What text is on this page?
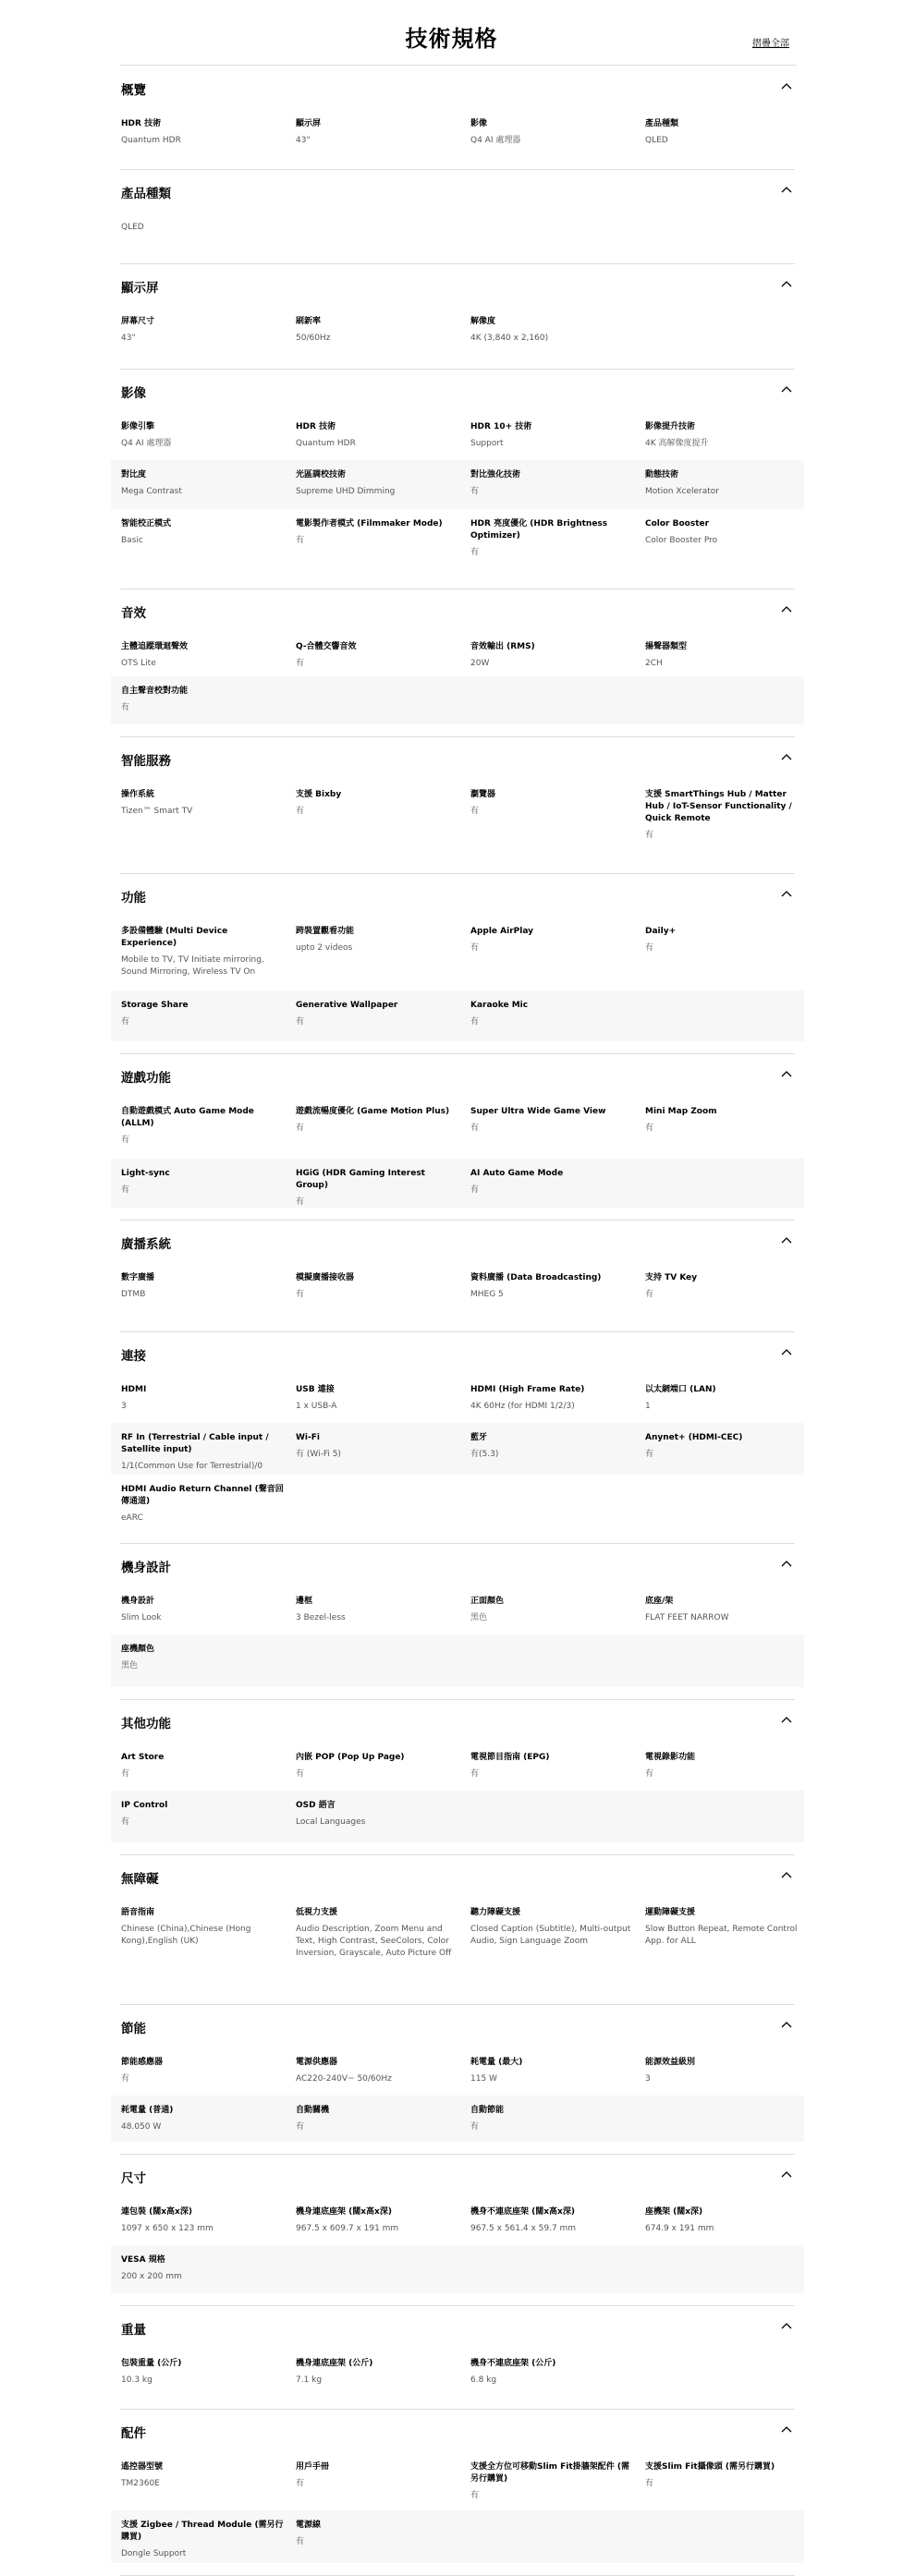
技術規格	摺疊全部
概覽
HDR 技術
Quantum HDR
顯示屏
43"
影像
Q4 AI 處理器
產品種類
QLED
產品種類
QLED
顯示屏
屏幕尺寸
43"
刷新率
50/60Hz
解像度
4K (3,840 x 2,160)
影像
影像引擎
Q4 AI 處理器
HDR 技術
Quantum HDR
HDR 10+ 技術
Support
影像提升技術
4K 高解像度提升
對比度
Mega Contrast
光區調校技術
Supreme UHD Dimming
對比強化技術
有
動態技術
Motion Xcelerator
智能校正模式
Basic
電影製作者模式 (Filmmaker Mode)
有
HDR 亮度優化 (HDR Brightness Optimizer)
有
Color Booster
Color Booster Pro
音效
主體追蹤環迴聲效
OTS Lite
Q-合體交響音效
有
音效輸出 (RMS)
20W
揚聲器類型
2CH
自主聲音校對功能
有
智能服務
操作系統
Tizen™ Smart TV
支援 Bixby
有
瀏覽器
有
支援 SmartThings Hub / Matter Hub / IoT-Sensor Functionality / Quick Remote
有
功能
多設備體驗 (Multi Device Experience)
Mobile to TV, TV Initiate mirroring, Sound Mirroring, Wireless TV On
跨裝置觀看功能
upto 2 videos
Apple AirPlay
有
Daily+
有
Storage Share
有
Generative Wallpaper
有
Karaoke Mic
有
遊戲功能
自動遊戲模式 Auto Game Mode (ALLM)
有
遊戲流暢度優化 (Game Motion Plus)
有
Super Ultra Wide Game View
有
Mini Map Zoom
有
Light-sync
有
HGiG (HDR Gaming Interest Group)
有
AI Auto Game Mode
有
廣播系統
數字廣播
DTMB
模擬廣播接收器
有
資料廣播 (Data Broadcasting)
MHEG 5
支持 TV Key
有
連接
HDMI
3
USB 連接
1 x USB-A
HDMI (High Frame Rate)
4K 60Hz (for HDMI 1/2/3)
以太網端口 (LAN)
1
RF In (Terrestrial / Cable input / Satellite input)
1/1(Common Use for Terrestrial)/0
Wi-Fi
有 (Wi-Fi 5)
藍牙
有(5.3)
Anynet+ (HDMI-CEC)
有
HDMI Audio Return Channel (聲音回傳通道)
eARC
機身設計
機身設計
Slim Look
邊框
3 Bezel-less
正面顏色
黑色
底座/架
FLAT FEET NARROW
座機顏色
黑色
其他功能
Art Store
有
內嵌 POP (Pop Up Page)
有
電視節目指南 (EPG)
有
電視錄影功能
有
IP Control
有
OSD 語言
Local Languages
無障礙
語音指南
Chinese (China),Chinese (Hong Kong),English (UK)
低視力支援
Audio Description, Zoom Menu and Text, High Contrast, SeeColors, Color Inversion, Grayscale, Auto Picture Off
聽力障礙支援
Closed Caption (Subtitle), Multi-output Audio, Sign Language Zoom
運動障礙支援
Slow Button Repeat, Remote Control App. for ALL
節能
節能感應器
有
電源供應器
AC220-240V~ 50/60Hz
耗電量 (最大)
115 W
能源效益級別
3
耗電量 (普通)
48.050 W
自動關機
有
自動節能
有
尺寸
連包裝 (闊x高x深)
1097 x 650 x 123 mm
機身連底座架 (闊x高x深)
967.5 x 609.7 x 191 mm
機身不連底座架 (闊x高x深)
967.5 x 561.4 x 59.7 mm
座機架 (闊x深)
674.9 x 191 mm
VESA 規格
200 x 200 mm
重量
包裝重量 (公斤)
10.3 kg
機身連底座架 (公斤)
7.1 kg
機身不連底座架 (公斤)
6.8 kg
配件
遙控器型號
TM2360E
用戶手冊
有
支援全方位可移動Slim Fit掛牆架配件 (需另行購買)
有
支援Slim Fit攝像頭 (需另行購買)
有
支援 Zigbee / Thread Module (需另行購買)
Dongle Support
電源線
有
